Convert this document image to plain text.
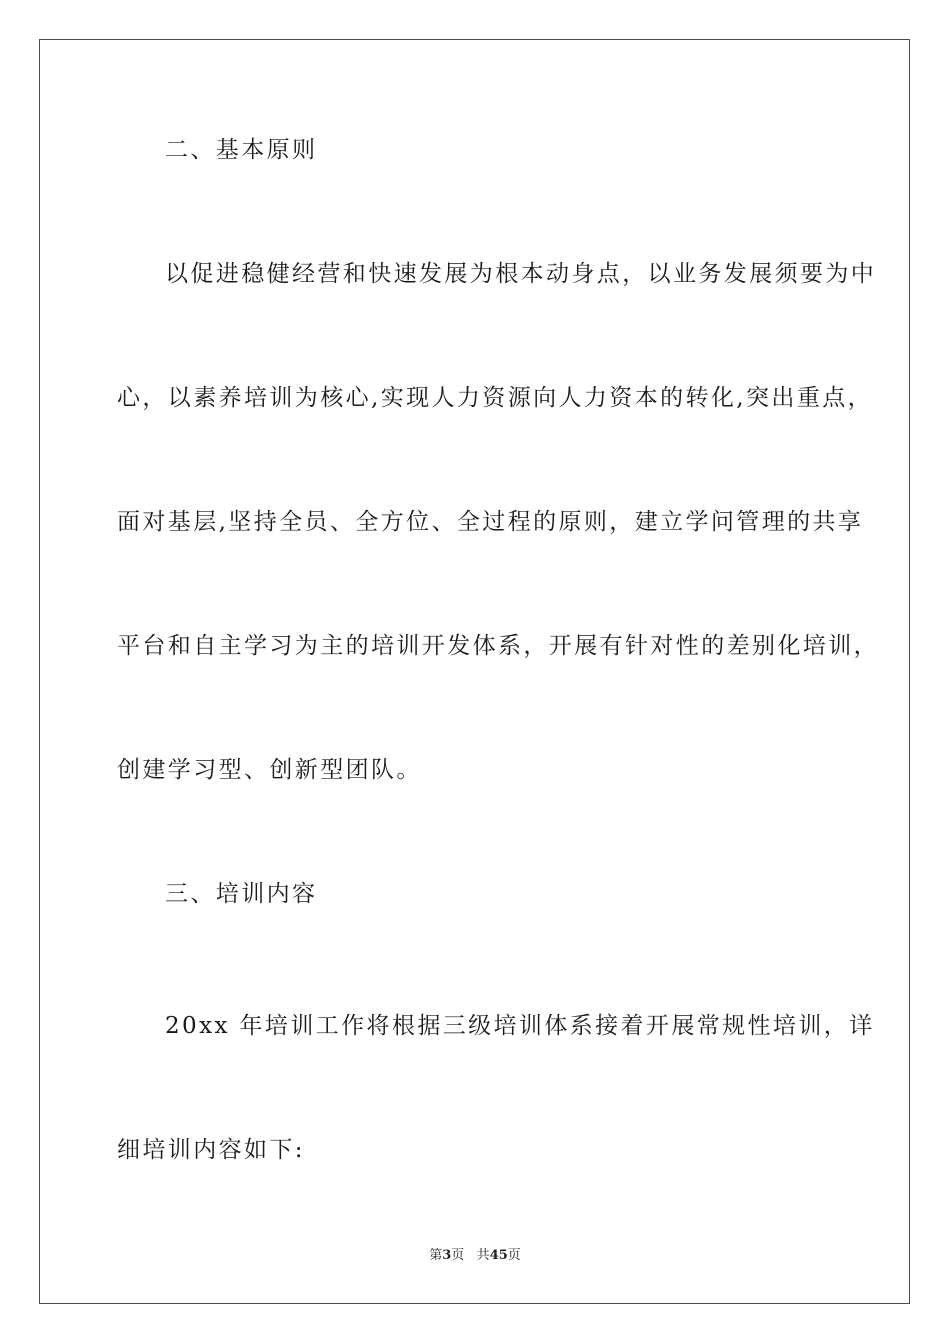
二、基本原则

以促进稳健经营和快速发展为根本动身点，以业务发展须要为中

心，以素养培训为核心,实现人力资源向人力资本的转化,突出重点，

面对基层,坚持全员、全方位、全过程的原则，建立学问管理的共享

平台和自主学习为主的培训开发体系，开展有针对性的差别化培训，

创建学习型、创新型团队。

三、培训内容

20xx 年培训工作将根据三级培训体系接着开展常规性培训，详

细培训内容如下:

第3页 共45页
